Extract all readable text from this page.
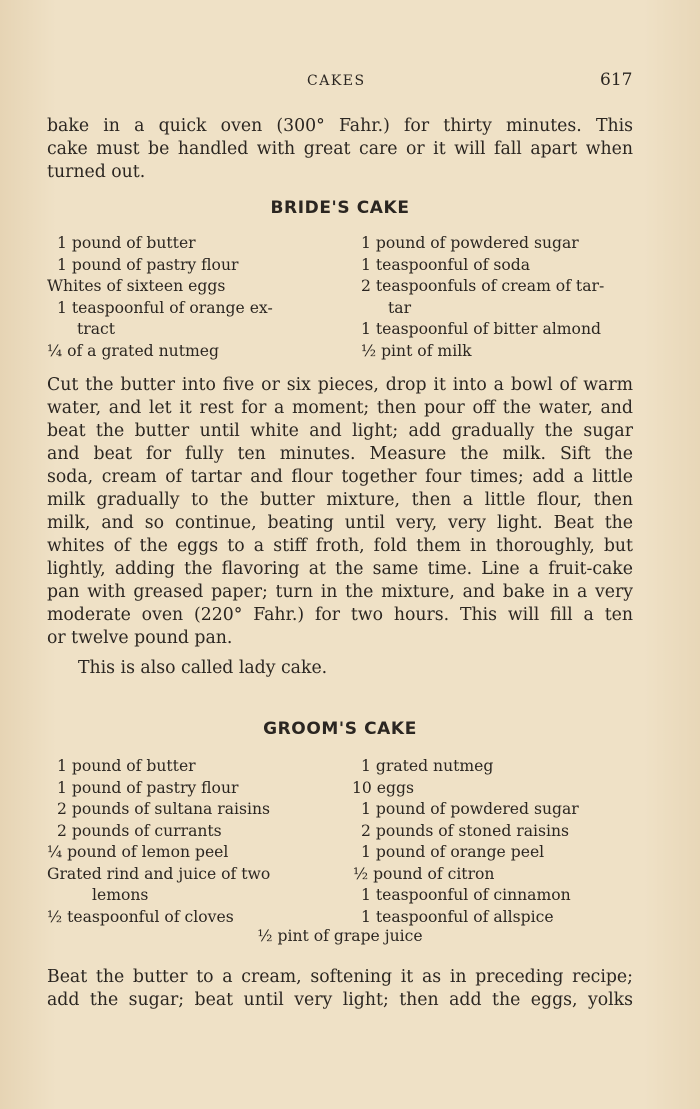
CAKES	617

bake in a quick oven (300° Fahr.) for thirty minutes. This
cake must be handled with great care or it will fall apart when
turned out.

BRIDE'S CAKE
1 pound of butter
1 pound of pastry flour
Whites of sixteen eggs
1 teaspoonful of orange ex-
tract
¼ of a grated nutmeg
1 pound of powdered sugar
1 teaspoonful of soda
2 teaspoonfuls of cream of tar-
tar
1 teaspoonful of bitter almond
½ pint of milk

Cut the butter into five or six pieces, drop it into a bowl of warm
water, and let it rest for a moment; then pour off the water, and
beat the butter until white and light; add gradually the sugar
and beat for fully ten minutes. Measure the milk. Sift the
soda, cream of tartar and flour together four times; add a little
milk gradually to the butter mixture, then a little flour, then
milk, and so continue, beating until very, very light. Beat the
whites of the eggs to a stiff froth, fold them in thoroughly, but
lightly, adding the flavoring at the same time. Line a fruit-cake
pan with greased paper; turn in the mixture, and bake in a very
moderate oven (220° Fahr.) for two hours. This will fill a ten
or twelve pound pan.

This is also called lady cake.

GROOM'S CAKE
1 pound of butter
1 pound of pastry flour
2 pounds of sultana raisins
2 pounds of currants
¼ pound of lemon peel
Grated rind and juice of two
lemons
½ teaspoonful of cloves
1 grated nutmeg
10 eggs
1 pound of powdered sugar
2 pounds of stoned raisins
1 pound of orange peel
½ pound of citron
1 teaspoonful of cinnamon
1 teaspoonful of allspice
½ pint of grape juice

Beat the butter to a cream, softening it as in preceding recipe;
add the sugar; beat until very light; then add the eggs, yolks
